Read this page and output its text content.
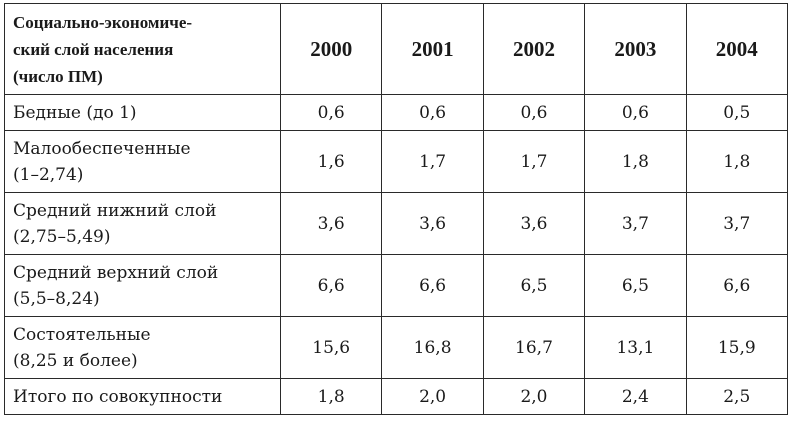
Социально-экономиче-
ский слой населения
(число ПМ)	2000	2001	2002	2003	2004

Бедные (до 1)	0,6	0,6	0,6	0,6	0,5

Малообеспеченные
(1–2,74)	1,6	1,7	1,7	1,8	1,8

Средний нижний слой
(2,75–5,49)	3,6	3,6	3,6	3,7	3,7

Средний верхний слой
(5,5–8,24)	6,6	6,6	6,5	6,5	6,6

Состоятельные
(8,25 и более)	15,6	16,8	16,7	13,1	15,9

Итого по совокупности	1,8	2,0	2,0	2,4	2,5
